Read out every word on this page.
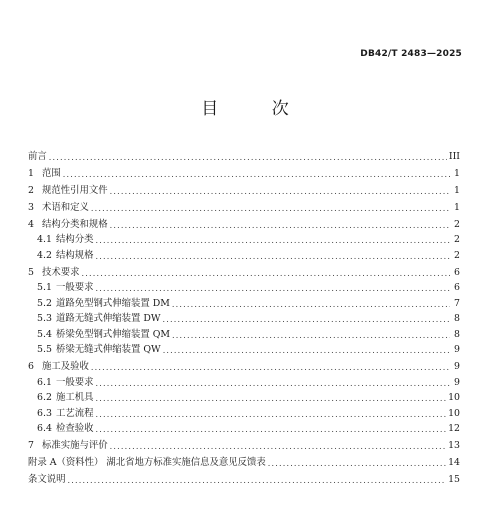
DB42/T 2483—2025
目 次
前言 .....	III
1 范围 .....	1
2 规范性引用文件 .....	1
3 术语和定义 .....	1
4 结构分类和规格 .....	2
4.1 结构分类 .....	2
4.2 结构规格 .....	2
5 技术要求 .....	6
5.1 一般要求 .....	6
5.2 道路免型钢式伸缩装置 DM .....	7
5.3 道路无缝式伸缩装置 DW .....	8
5.4 桥梁免型钢式伸缩装置 QM .....	8
5.5 桥梁无缝式伸缩装置 QW .....	9
6 施工及验收 .....	9
6.1 一般要求 .....	9
6.2 施工机具 .....	10
6.3 工艺流程 .....	10
6.4 检查验收 .....	12
7 标准实施与评价 .....	13
附录 A（资料性） 湖北省地方标准实施信息及意见反馈表 .....	14
条文说明 .....	15
